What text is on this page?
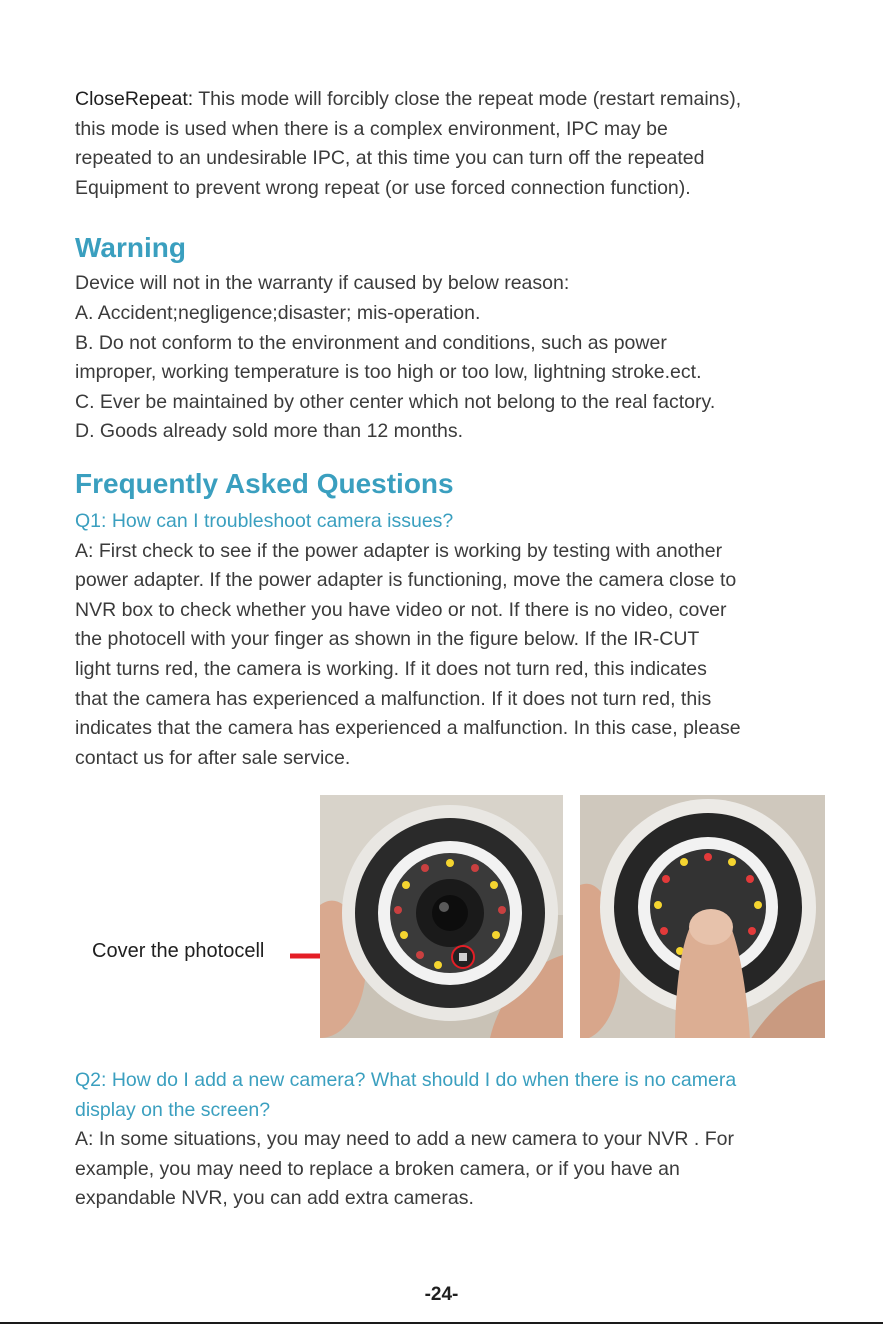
CloseRepeat: This mode will forcibly close the repeat mode (restart remains),
this mode is used when there is a complex environment, IPC may be
repeated to an undesirable IPC, at this time you can turn off the repeated
Equipment to prevent wrong repeat (or use forced connection function).

Warning

Device will not in the warranty if caused by below reason:
A. Accident;negligence;disaster; mis-operation.
B. Do not conform to the environment and conditions, such as power
improper, working temperature is too high or too low, lightning stroke.ect.
C. Ever be maintained by other center which not belong to the real factory.
D. Goods already sold more than 12 months.

Frequently Asked Questions

Q1: How can I troubleshoot camera issues?

A: First check to see if the power adapter is working by testing with another
power adapter. If the power adapter is functioning, move the camera close to
NVR box to check whether you have video or not. If there is no video, cover
the photocell with your finger as shown in the figure below. If the IR-CUT
light turns red, the camera is working. If it does not turn red, this indicates
that the camera has experienced a malfunction. If it does not turn red, this
indicates that the camera has experienced a malfunction. In this case, please
contact us for after sale service.

Cover the photocell

Q2: How do I add a new camera? What should I do when there is no camera
display on the screen?

A: In some situations, you may need to add a new camera to your NVR . For
example, you may need to replace a broken camera, or if you have an
expandable NVR, you can add extra cameras.

-24-
